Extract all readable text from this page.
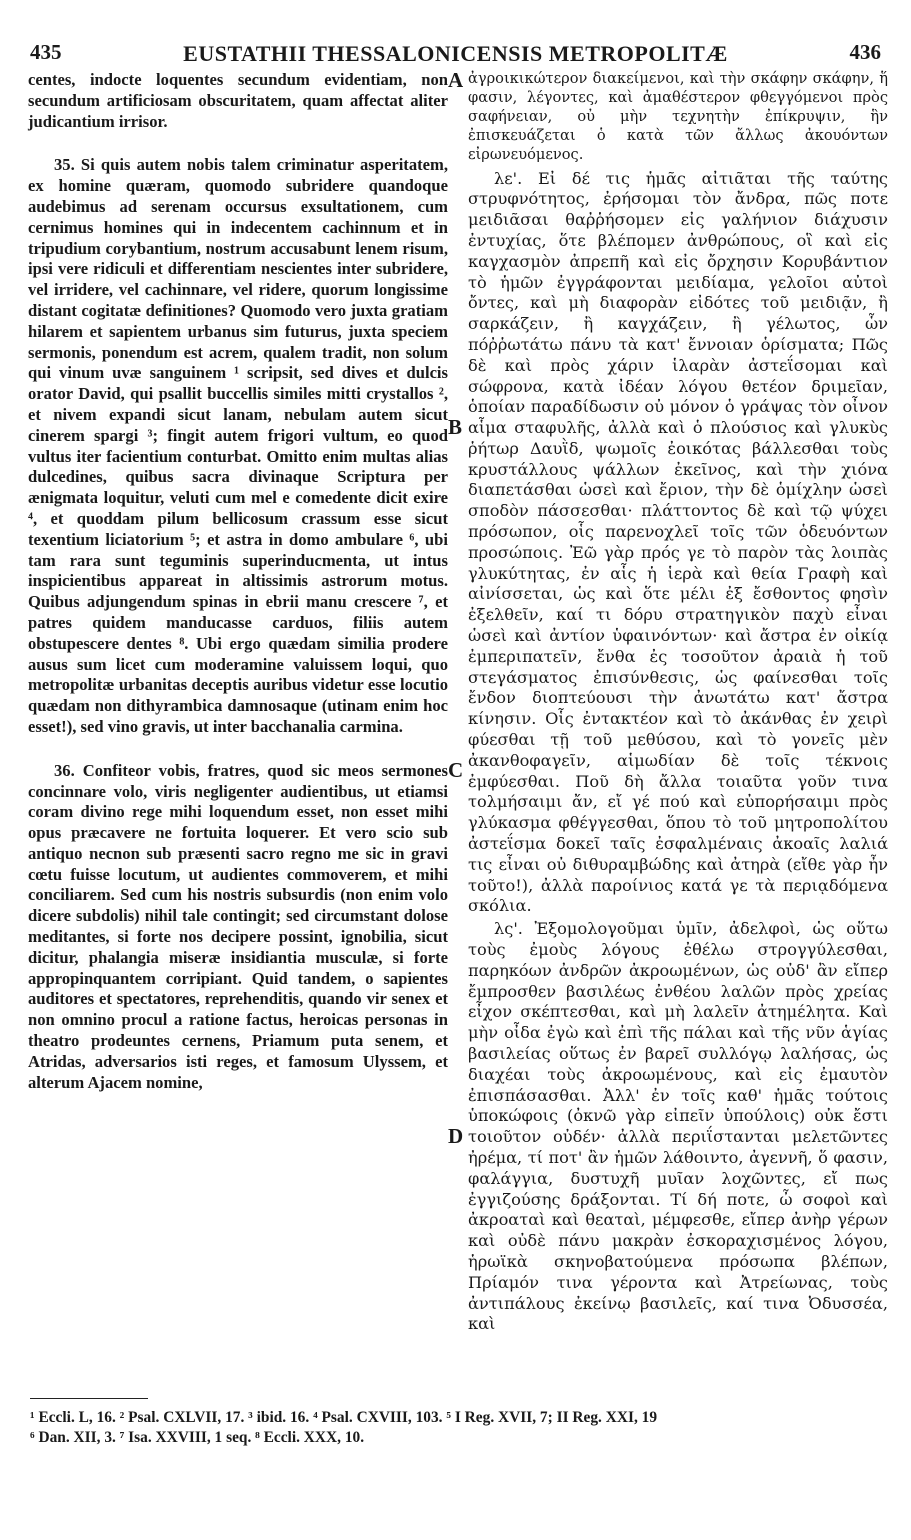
435	EUSTATHII THESSALONICENSIS METROPOLITÆ	436

centes, indocte loquentes secundum evidentiam, non secundum artificiosam obscuritatem, quam affectat aliter judicantium irrisor.

35. Si quis autem nobis talem criminatur asperitatem, ex homine quæram, quomodo subridere quandoque audebimus ad serenam occursus exsultationem, cum cernimus homines qui in indecentem cachinnum et in tripudium corybantium, nostrum accusabunt lenem risum, ipsi vere ridiculi et differentiam nescientes inter subridere, vel irridere, vel cachinnare, vel ridere, quorum longissime distant cogitatæ definitiones? Quomodo vero juxta gratiam hilarem et sapientem urbanus sim futurus, juxta speciem sermonis, ponendum est acrem, qualem tradit, non solum qui vinum uvæ sanguinem ¹ scripsit, sed dives et dulcis orator David, qui psallit buccellis similes mitti crystallos ², et nivem expandi sicut lanam, nebulam autem sicut cinerem spargi ³; fingit autem frigori vultum, eo quod vultus iter facientium conturbat. Omitto enim multas alias dulcedines, quibus sacra divinaque Scriptura per ænigmata loquitur, veluti cum mel e comedente dicit exire ⁴, et quoddam pilum bellicosum crassum esse sicut texentium liciatorium ⁵; et astra in domo ambulare ⁶, ubi tam rara sunt teguminis superinducmenta, ut intus inspicientibus appareat in altissimis astrorum motus. Quibus adjungendum spinas in ebrii manu crescere ⁷, et patres quidem manducasse carduos, filiis autem obstupescere dentes ⁸. Ubi ergo quædam similia prodere ausus sum licet cum moderamine valuissem loqui, quo metropolitæ urbanitas deceptis auribus videtur esse locutio quædam non dithyrambica damnosaque (utinam enim hoc esset!), sed vino gravis, ut inter bacchanalia carmina.

36. Confiteor vobis, fratres, quod sic meos sermones concinnare volo, viris negligenter audientibus, ut etiamsi coram divino rege mihi loquendum esset, non esset mihi opus præcavere ne fortuita loquerer. Et vero scio sub antiquo necnon sub præsenti sacro regno me sic in gravi cœtu fuisse locutum, ut audientes commoverem, et mihi conciliarem. Sed cum his nostris subsurdis (non enim volo dicere subdolis) nihil tale contingit; sed circumstant dolose meditantes, si forte nos decipere possint, ignobilia, sicut dicitur, phalangia miseræ insidiantia musculæ, si forte appropinquantem corripiant. Quid tandem, o sapientes auditores et spectatores, reprehenditis, quando vir senex et non omnino procul a ratione factus, heroicas personas in theatro prodeuntes cernens, Priamum puta senem, et Atridas, adversarios isti reges, et famosum Ulyssem, et alterum Ajacem nomine,

A
B
C
D

ἀγροικικώτερον διακείμενοι, καὶ τὴν σκάφην σκάφην, ἥ φασιν, λέγοντες, καὶ ἀμαθέστερον φθεγγόμενοι πρὸς σαφήνειαν, οὐ μὴν τεχνητὴν ἐπίκρυψιν, ἣν ἐπισκευάζεται ὁ κατὰ τῶν ἄλλως ἀκουόντων εἰρωνευόμενος.

λε'. Εἰ δέ τις ἡμᾶς αἰτιᾶται τῆς ταύτης στρυφνότητος, ἐρήσομαι τὸν ἄνδρα, πῶς ποτε μειδιᾶσαι θαῤῥήσομεν εἰς γαλήνιον διάχυσιν ἐντυχίας, ὅτε βλέπομεν ἀνθρώπους, οἳ καὶ εἰς καγχασμὸν ἀπρεπῆ καὶ εἰς ὄρχησιν Κορυβάντιον τὸ ἡμῶν ἐγγράφονται μειδίαμα, γελοῖοι αὐτοὶ ὄντες, καὶ μὴ διαφορὰν εἰδότες τοῦ μειδιᾷν, ἢ σαρκάζειν, ἢ καγχάζειν, ἢ γέλωτος, ὧν πόῤῥωτάτω πάνυ τὰ κατ' ἔννοιαν ὁρίσματα; Πῶς δὲ καὶ πρὸς χάριν ἱλαρὰν ἀστεΐσομαι καὶ σώφρονα, κατὰ ἰδέαν λόγου θετέον δριμεῖαν, ὁποίαν παραδίδωσιν οὐ μόνον ὁ γράψας τὸν οἶνον αἷμα σταφυλῆς, ἀλλὰ καὶ ὁ πλούσιος καὶ γλυκὺς ῥήτωρ Δαυῒδ, ψωμοῖς ἐοικότας βάλλεσθαι τοὺς κρυστάλλους ψάλλων ἐκεῖνος, καὶ τὴν χιόνα διαπετάσθαι ὡσεὶ καὶ ἔριον, τὴν δὲ ὁμίχλην ὡσεὶ σποδὸν πάσσεσθαι· πλάττοντος δὲ καὶ τῷ ψύχει πρόσωπον, οἷς παρενοχλεῖ τοῖς τῶν ὁδευόντων προσώποις. Ἐῶ γὰρ πρός γε τὸ παρὸν τὰς λοιπὰς γλυκύτητας, ἐν αἷς ἡ ἱερὰ καὶ θεία Γραφὴ καὶ αἰνίσσεται, ὡς καὶ ὅτε μέλι ἐξ ἔσθοντος φησὶν ἐξελθεῖν, καί τι δόρυ στρατηγικὸν παχὺ εἶναι ὡσεὶ καὶ ἀντίον ὑφαινόντων· καὶ ἄστρα ἐν οἰκίᾳ ἐμπεριπατεῖν, ἔνθα ἐς τοσοῦτον ἀραιὰ ἡ τοῦ στεγάσματος ἐπισύνθεσις, ὡς φαίνεσθαι τοῖς ἔνδον διοπτεύουσι τὴν ἀνωτάτω κατ' ἄστρα κίνησιν. Οἷς ἐντακτέον καὶ τὸ ἀκάνθας ἐν χειρὶ φύεσθαι τῇ τοῦ μεθύσου, καὶ τὸ γονεῖς μὲν ἀκανθοφαγεῖν, αἱμωδίαν δὲ τοῖς τέκνοις ἐμφύεσθαι. Ποῦ δὴ ἄλλα τοιαῦτα γοῦν τινα τολμήσαιμι ἄν, εἴ γέ πού καὶ εὐπορήσαιμι πρὸς γλύκασμα φθέγγεσθαι, ὅπου τὸ τοῦ μητροπολίτου ἀστεΐσμα δοκεῖ ταῖς ἐσφαλμέναις ἀκοαῖς λαλιά τις εἶναι οὐ διθυραμβώδης καὶ ἀτηρὰ (εἴθε γὰρ ἦν τοῦτο!), ἀλλὰ παροίνιος κατά γε τὰ περιᾳδόμενα σκόλια.

λς'. Ἐξομολογοῦμαι ὑμῖν, ἀδελφοὶ, ὡς οὕτω τοὺς ἐμοὺς λόγους ἐθέλω στρογγύλεσθαι, παρηκόων ἀνδρῶν ἀκροωμένων, ὡς οὐδ' ἂν εἴπερ ἔμπροσθεν βασιλέως ἐνθέου λαλῶν πρὸς χρείας εἶχον σκέπτεσθαι, καὶ μὴ λαλεῖν ἀτημέλητα. Καὶ μὴν οἶδα ἐγὼ καὶ ἐπὶ τῆς πάλαι καὶ τῆς νῦν ἁγίας βασιλείας οὕτως ἐν βαρεῖ συλλόγῳ λαλήσας, ὡς διαχέαι τοὺς ἀκροωμένους, καὶ εἰς ἐμαυτὸν ἐπισπάσασθαι. Ἀλλ' ἐν τοῖς καθ' ἡμᾶς τούτοις ὑποκώφοις (ὀκνῶ γὰρ εἰπεῖν ὑπούλοις) οὐκ ἔστι τοιοῦτον οὐδέν· ἀλλὰ περιΐστανται μελετῶντες ἠρέμα, τί ποτ' ἂν ἡμῶν λάθοιντο, ἀγεννῆ, ὅ φασιν, φαλάγγια, δυστυχῆ μυῖαν λοχῶντες, εἴ πως ἐγγιζούσης δράξονται. Τί δή ποτε, ὦ σοφοὶ καὶ ἀκροαταὶ καὶ θεαταὶ, μέμφεσθε, εἴπερ ἀνὴρ γέρων καὶ οὐδὲ πάνυ μακρὰν ἐσκοραχισμένος λόγου, ἡρωϊκὰ σκηνοβατούμενα πρόσωπα βλέπων, Πρίαμόν τινα γέροντα καὶ Ἀτρείωνας, τοὺς ἀντιπάλους ἐκείνῳ βασιλεῖς, καί τινα Ὀδυσσέα, καὶ

¹ Eccli. L, 16. ² Psal. CXLVII, 17. ³ ibid. 16. ⁴ Psal. CXVIII, 103. ⁵ I Reg. XVII, 7; II Reg. XXI, 19
⁶ Dan. XII, 3. ⁷ Isa. XXVIII, 1 seq. ⁸ Eccli. XXX, 10.
